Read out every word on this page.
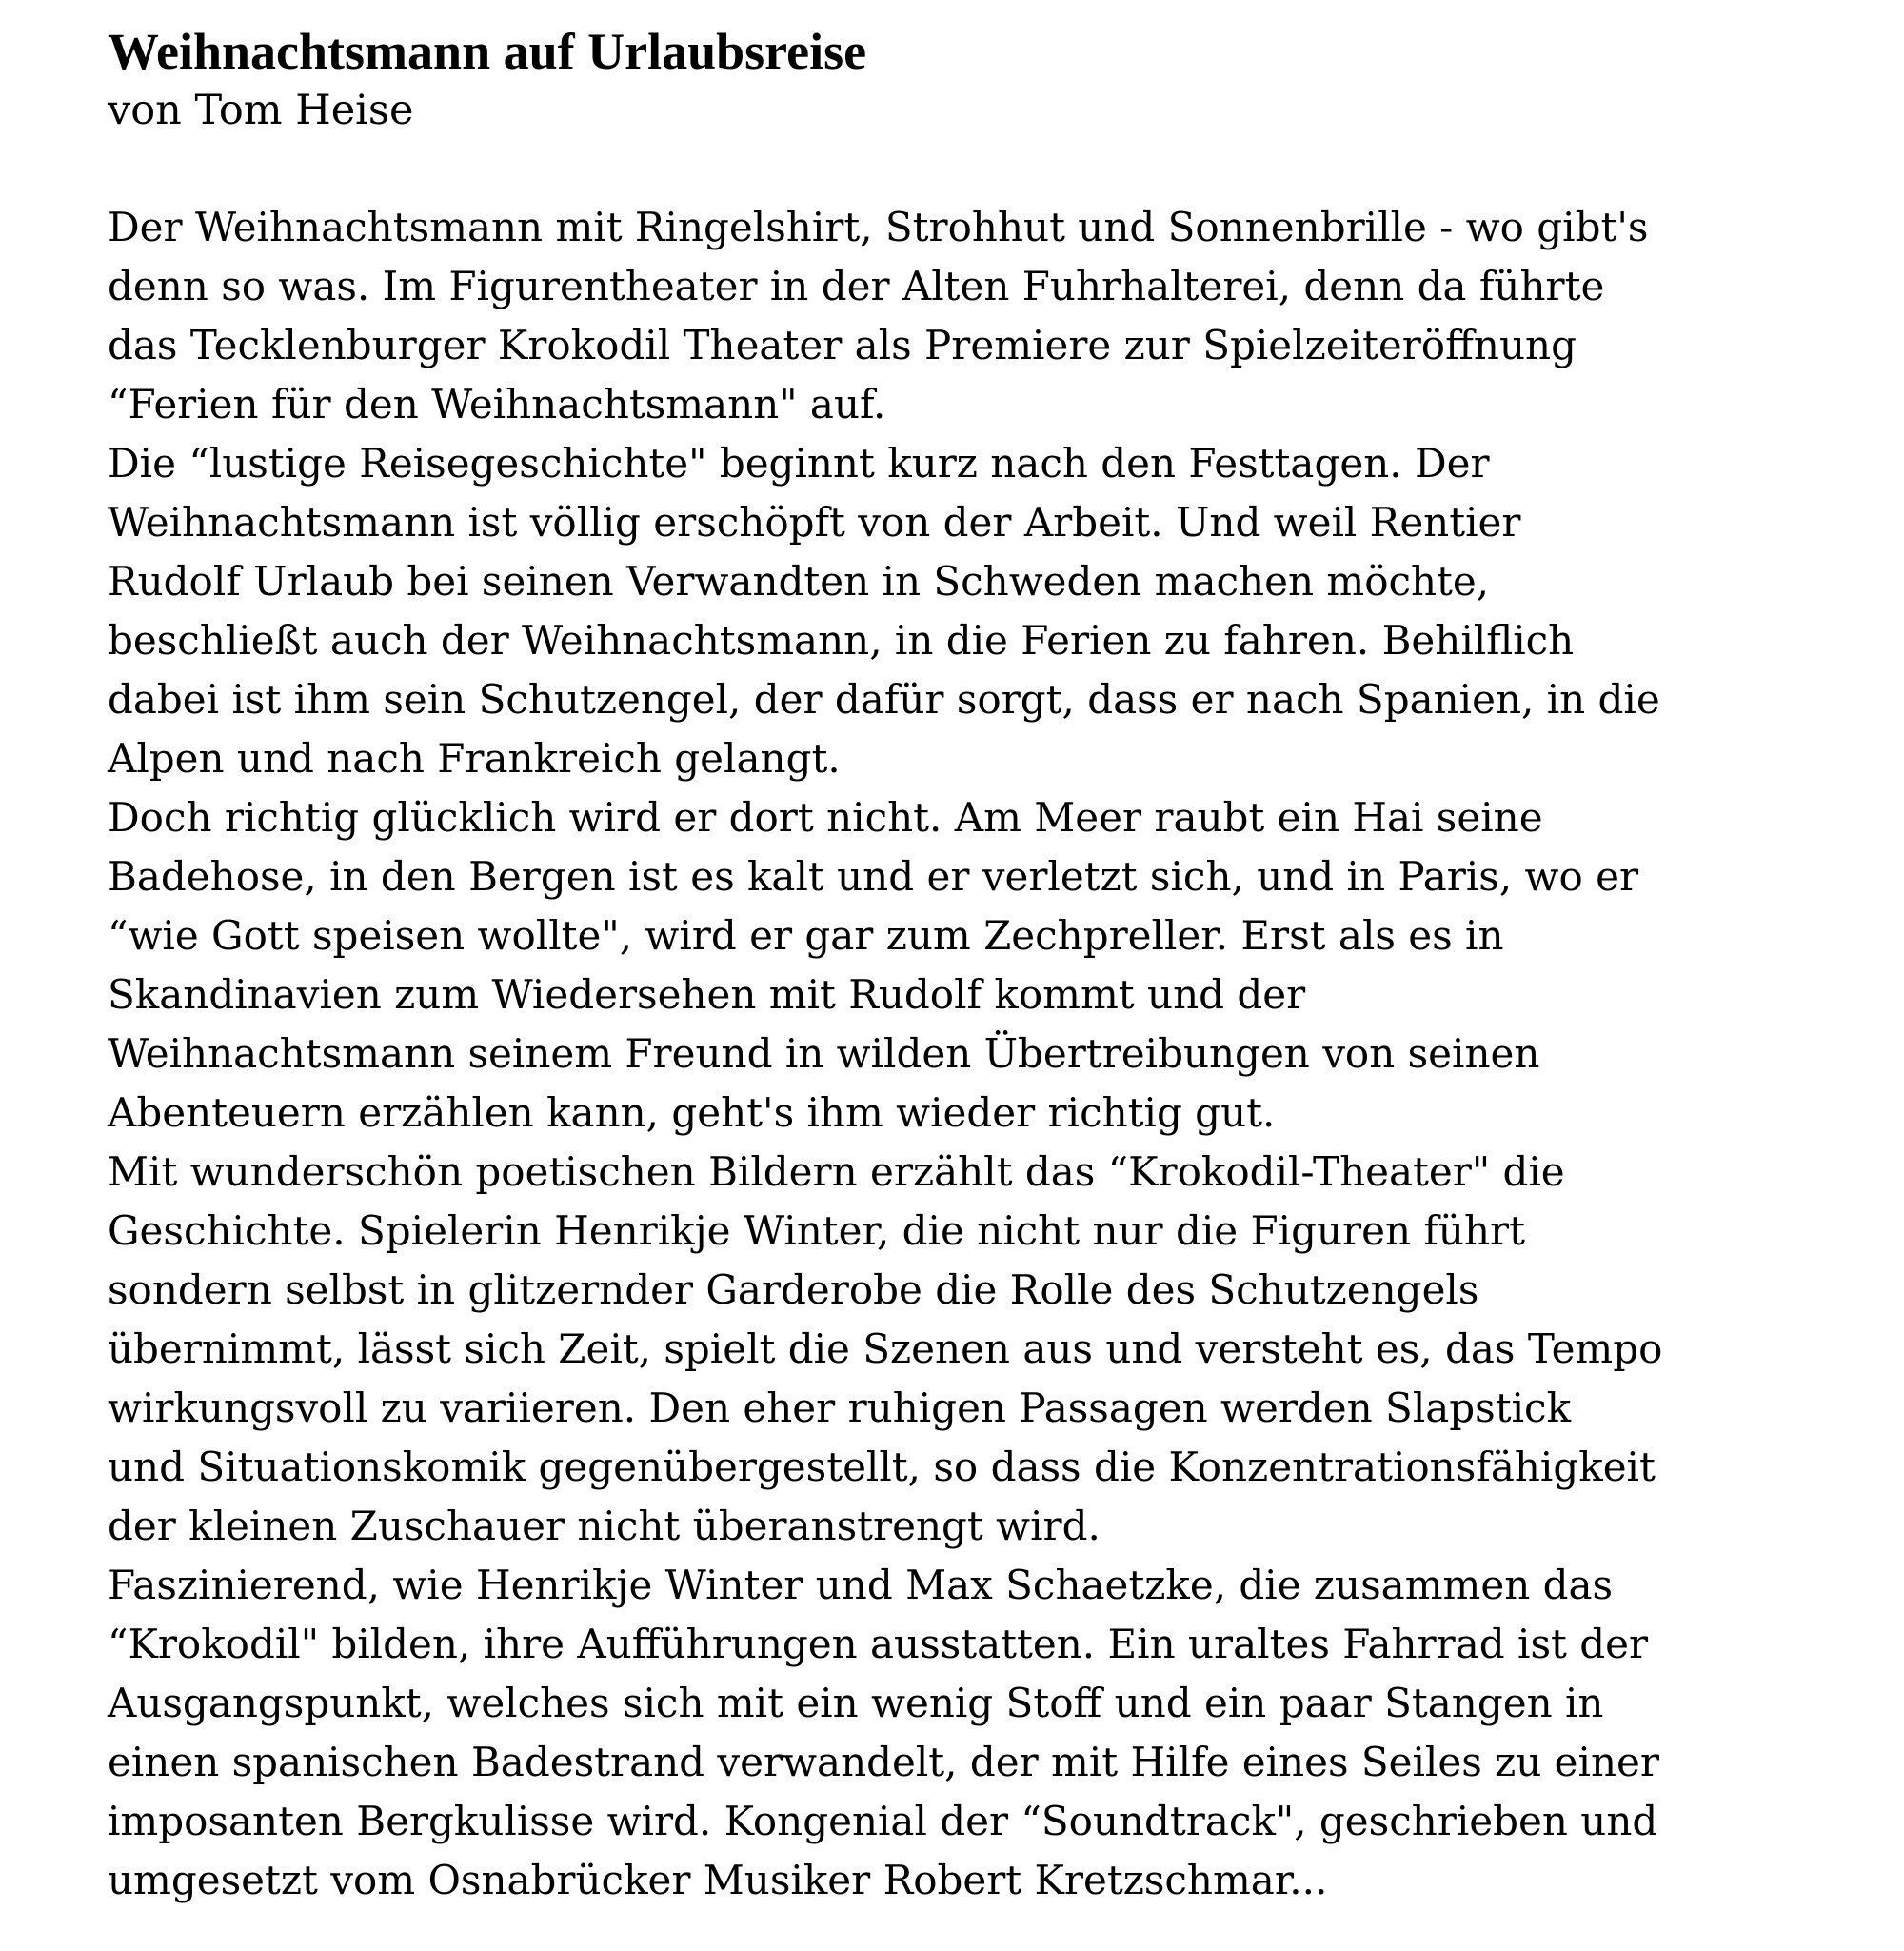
Weihnachtsmann auf Urlaubsreise

von Tom Heise

Der Weihnachtsmann mit Ringelshirt, Strohhut und Sonnenbrille - wo gibt's
denn so was. Im Figurentheater in der Alten Fuhrhalterei, denn da führte
das Tecklenburger Krokodil Theater als Premiere zur Spielzeiteröffnung
“Ferien für den Weihnachtsmann" auf.
Die “lustige Reisegeschichte" beginnt kurz nach den Festtagen. Der
Weihnachtsmann ist völlig erschöpft von der Arbeit. Und weil Rentier
Rudolf Urlaub bei seinen Verwandten in Schweden machen möchte,
beschließt auch der Weihnachtsmann, in die Ferien zu fahren. Behilflich
dabei ist ihm sein Schutzengel, der dafür sorgt, dass er nach Spanien, in die
Alpen und nach Frankreich gelangt.
Doch richtig glücklich wird er dort nicht. Am Meer raubt ein Hai seine
Badehose, in den Bergen ist es kalt und er verletzt sich, und in Paris, wo er
“wie Gott speisen wollte", wird er gar zum Zechpreller. Erst als es in
Skandinavien zum Wiedersehen mit Rudolf kommt und der
Weihnachtsmann seinem Freund in wilden Übertreibungen von seinen
Abenteuern erzählen kann, geht's ihm wieder richtig gut.
Mit wunderschön poetischen Bildern erzählt das “Krokodil-Theater" die
Geschichte. Spielerin Henrikje Winter, die nicht nur die Figuren führt
sondern selbst in glitzernder Garderobe die Rolle des Schutzengels
übernimmt, lässt sich Zeit, spielt die Szenen aus und versteht es, das Tempo
wirkungsvoll zu variieren. Den eher ruhigen Passagen werden Slapstick
und Situationskomik gegenübergestellt, so dass die Konzentrationsfähigkeit
der kleinen Zuschauer nicht überanstrengt wird.
Faszinierend, wie Henrikje Winter und Max Schaetzke, die zusammen das
“Krokodil" bilden, ihre Aufführungen ausstatten. Ein uraltes Fahrrad ist der
Ausgangspunkt, welches sich mit ein wenig Stoff und ein paar Stangen in
einen spanischen Badestrand verwandelt, der mit Hilfe eines Seiles zu einer
imposanten Bergkulisse wird. Kongenial der “Soundtrack", geschrieben und
umgesetzt vom Osnabrücker Musiker Robert Kretzschmar...
